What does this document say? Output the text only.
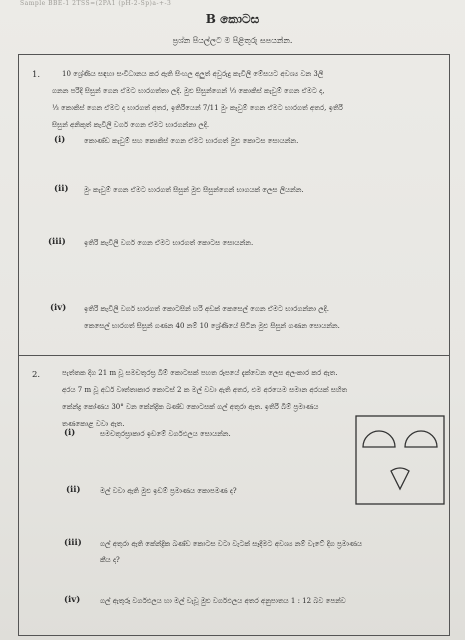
Sample BBE-1 2TSS=(2PA1 (pH-2-Sp)a-+-3
B කොටස
ප්‍රශ්න පියල්ලට ම පිළිතුරු සපයන්න.
1.	10 ශ්‍රේණිය සඳහා සංවිධානය කර ඇති සිංහල අලුත් අවුරුදු කැවිලි මේසයට අවශ්‍ය වන 3ලි
ගනන පරිදි සිසුන් ගෙන ඒමට භාරගත්තා ලදි. මුළු සිසුන්ගෙන් ⅓ කොකිස් කැවුම් ගෙන ඒමට ද,
⅓ කොකිස් ගෙන ඒමට ද භාරගත් අතර, ඉතිරියෙන් 7/11 මුං කැවුම් ගෙන ඒමට භාරගත් අතර, ඉතිරි
සිසුන් අනිකුත් කැවිලි වර්ග ගෙන ඒමට භාරගන්නා ලදි.
(i)	කොණ්ඩ කැවුම් සහ කොකිස් ගෙන ඒමට භාරගත් මුළු කොටස සොයන්න.
(ii) මුං කැවුම් ගෙන ඒමට භාරගත් සිසුන් මුළු සිසුන්ගෙන් භාගයක් ලෙස ලියන්න.
(iii)	ඉතිරි කැවිලි වර්ග ගෙන ඒමට භාරගත් කොටස සොයන්න.
(iv)	ඉතිරි කැවිලි වර්ග භාරගත් කොටසින් හරි අඩක් කෙසෙල් ගෙන ඒමට භාරගන්නා ලදි.
කෙසෙල් භාරගත් සිසුන් ගණන 40 නම් 10 ශ්‍රේණියේ සිටින මුළු සිසුන් ගණන සොයන්න.
2.	පැත්තක දිග 21 m වූ සමචතුරස්‍ර බිම් කොටසක් පහත රූපයේ දැක්වෙන ලෙස අලංකාර කර ඇත.
අරය 7 m වූ අර්ධ වෘත්තාකාර කොටස් 2 ක මල් වවා ඇති අතර, එම අරයෙම සමාන අරයක් සහිත
කේන්ද්‍ර කෝණය 30° වන කේන්ද්‍රික ඛණ්ඩ කොටසක් ගල් අතුරා ඇත. ඉතිරි බිම් ප්‍රමාණය
තණකොළ වවා ඇත.
(i)	සමචතුරස්‍රාකාර ඉඩමේ වර්ගඵලය සොයන්න.
(ii)	මල් වවා ඇති මුළු ඉඩම් ප්‍රමාණය කොපමණ ද?
(iii)	ගල් අතුරා ඇති කේන්ද්‍රික ඛණ්ඩ කොටස වටා වැටක් සෑදීමට අවශ්‍ය නම් වැටේ දිග ප්‍රමාණය
කීය ද?
(iv)	ගල් ඇතුරූ වර්ගඵලය හා මල් වැවූ මුළු වර්ගඵලය අතර අනුපාතය 1 : 12 බව පෙන්ව
